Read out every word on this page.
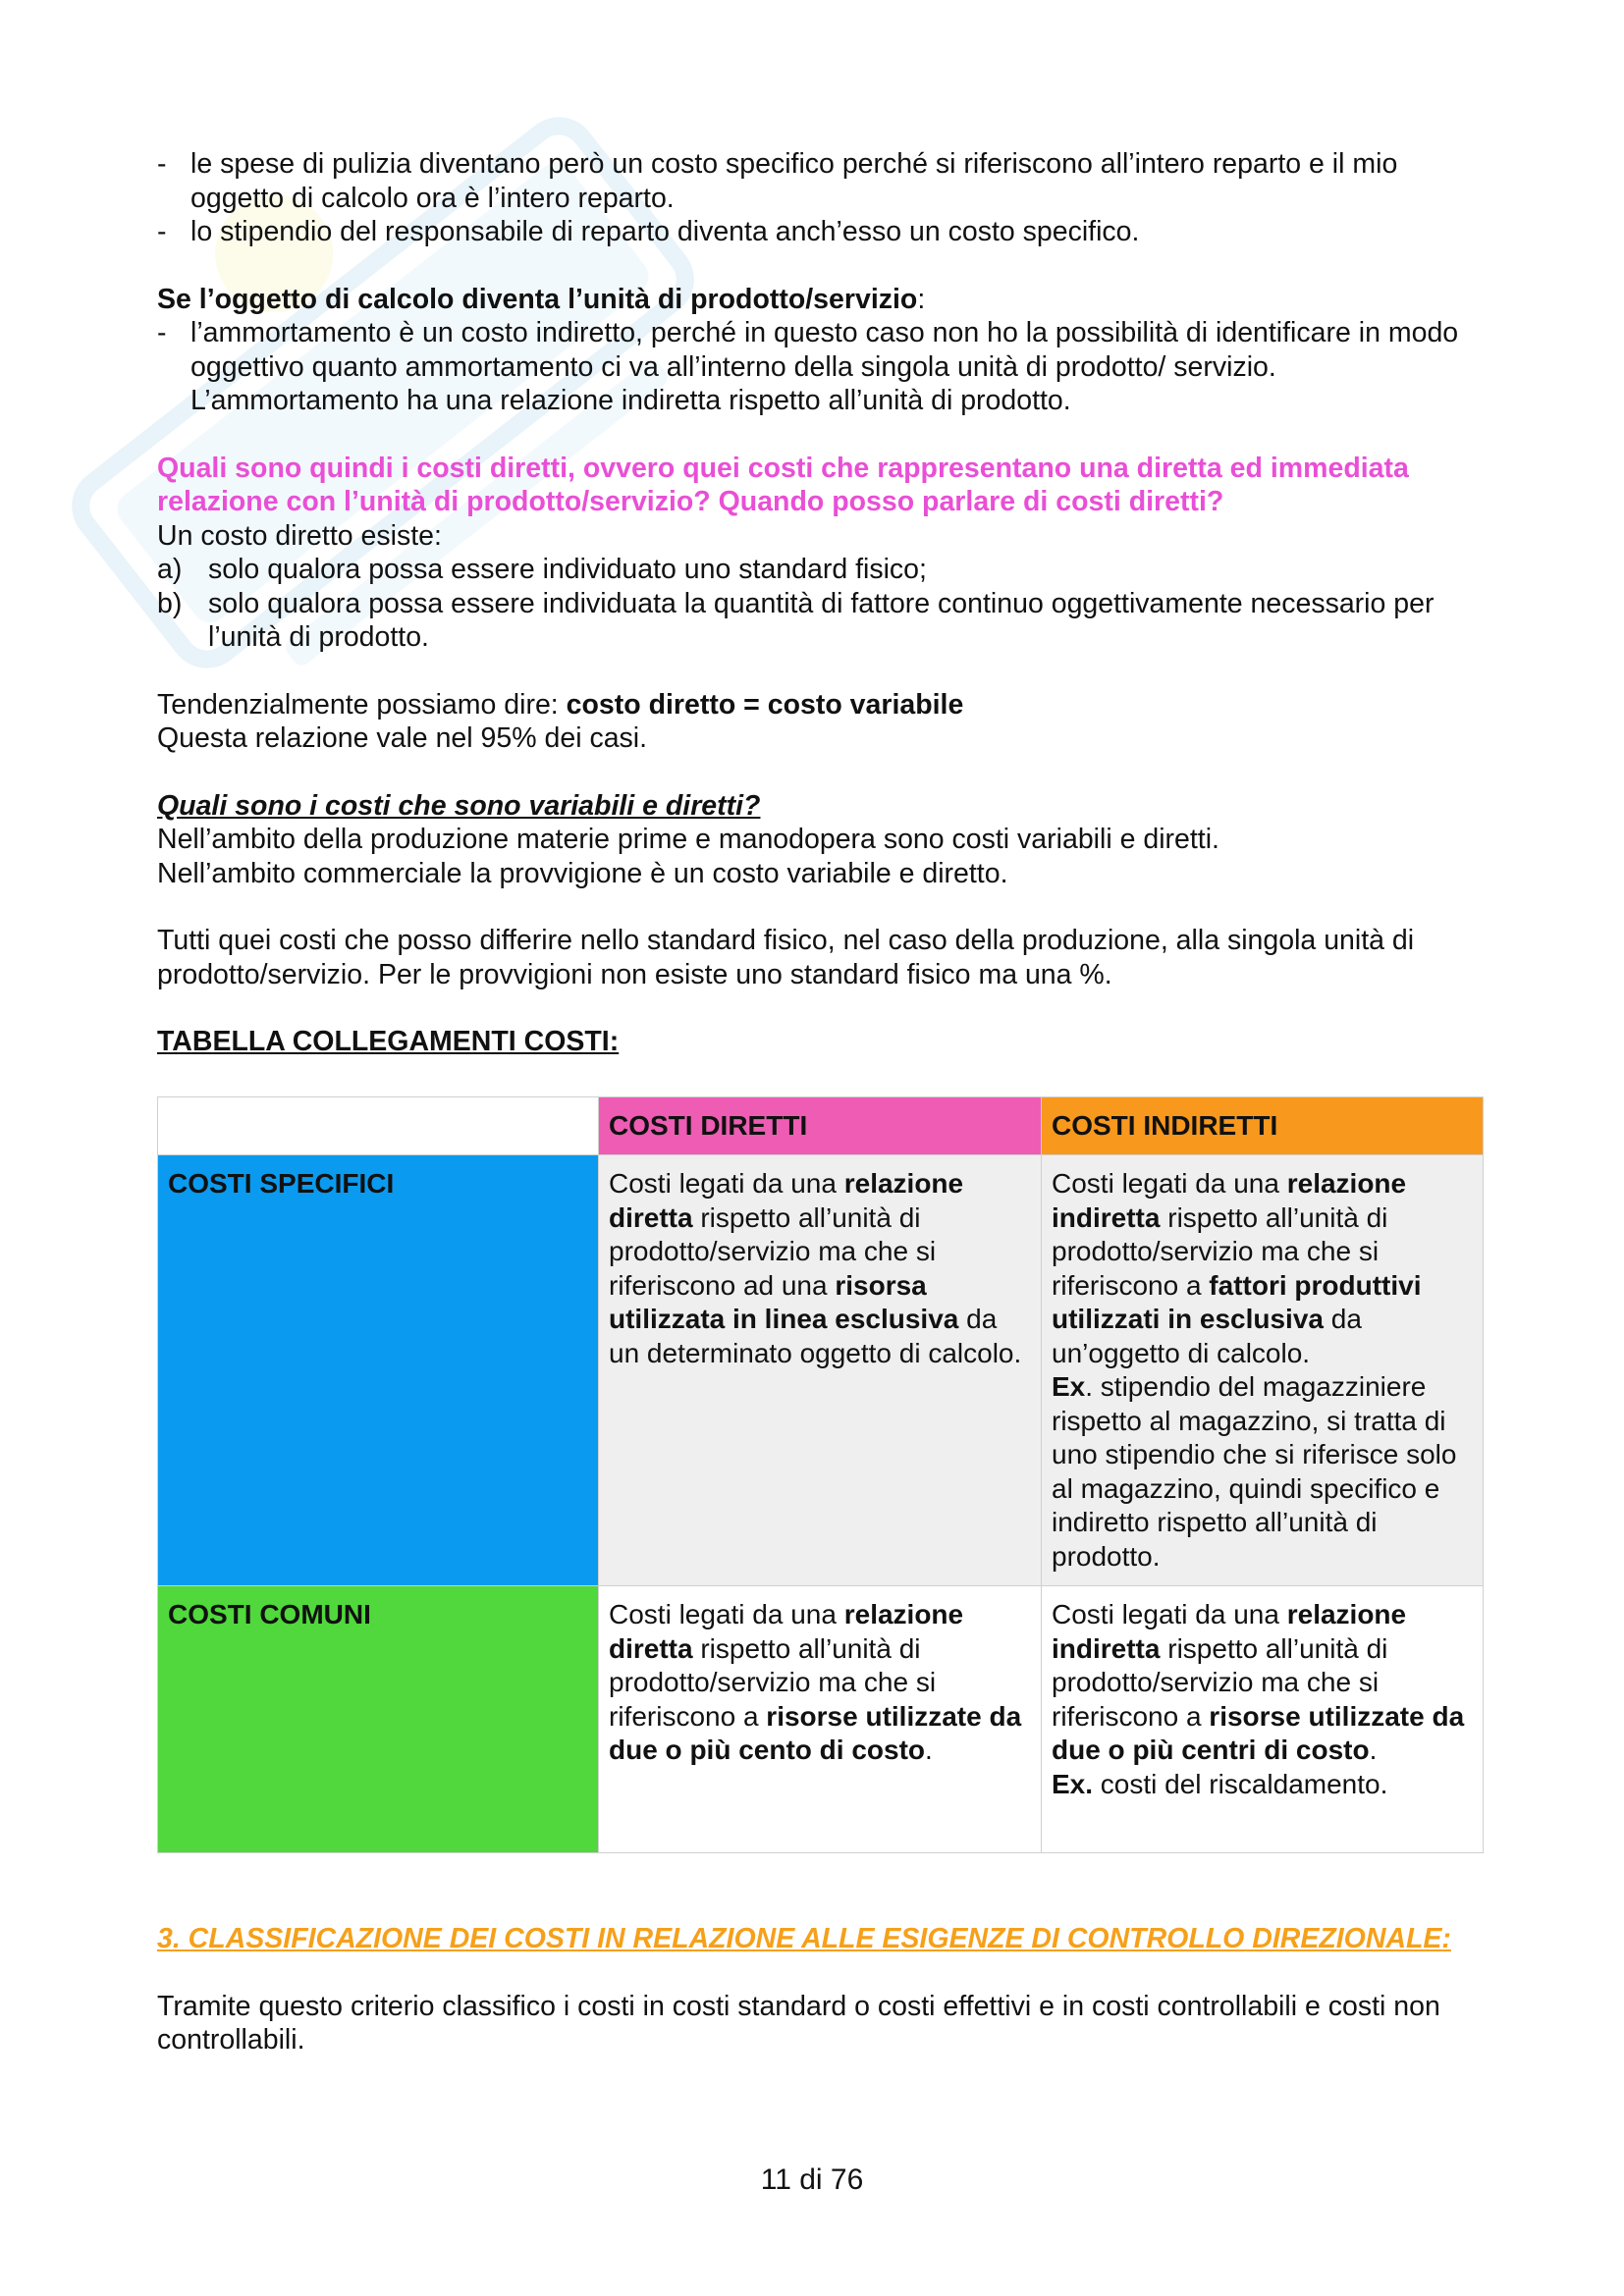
- le spese di pulizia diventano però un costo specifico perché si riferiscono all’intero reparto e il mio oggetto di calcolo ora è l’intero reparto.
- lo stipendio del responsabile di reparto diventa anch’esso un costo specifico.

Se l’oggetto di calcolo diventa l’unità di prodotto/servizio:

- l’ammortamento è un costo indiretto, perché in questo caso non ho la possibilità di identificare in modo oggettivo quanto ammortamento ci va all’interno della singola unità di prodotto/ servizio.
L’ammortamento ha una relazione indiretta rispetto all’unità di prodotto.

Quali sono quindi i costi diretti, ovvero quei costi che rappresentano una diretta ed immediata relazione con l’unità di prodotto/servizio? Quando posso parlare di costi diretti?

Un costo diretto esiste:

a) solo qualora possa essere individuato uno standard fisico;
b) solo qualora possa essere individuata la quantità di fattore continuo oggettivamente necessario per l’unità di prodotto.

Tendenzialmente possiamo dire: costo diretto = costo variabile

Questa relazione vale nel 95% dei casi.

Quali sono i costi che sono variabili e diretti?

Nell’ambito della produzione materie prime e manodopera sono costi variabili e diretti.

Nell’ambito commerciale la provvigione è un costo variabile e diretto.

Tutti quei costi che posso differire nello standard fisico, nel caso della produzione, alla singola unità di prodotto/servizio. Per le provvigioni non esiste uno standard fisico ma una %.

TABELLA COLLEGAMENTI COSTI:

	COSTI DIRETTI	COSTI INDIRETTI
COSTI SPECIFICI	Costi legati da una relazione diretta rispetto all’unità di prodotto/servizio ma che si riferiscono ad una risorsa utilizzata in linea esclusiva da un determinato oggetto di calcolo.	Costi legati da una relazione indiretta rispetto all’unità di prodotto/servizio ma che si riferiscono a fattori produttivi utilizzati in esclusiva da un’oggetto di calcolo.
Ex. stipendio del magazziniere rispetto al magazzino, si tratta di uno stipendio che si riferisce solo al magazzino, quindi specifico e indiretto rispetto all’unità di prodotto.
COSTI COMUNI	Costi legati da una relazione diretta rispetto all’unità di prodotto/servizio ma che si riferiscono a risorse utilizzate da due o più cento di costo.	Costi legati da una relazione indiretta rispetto all’unità di prodotto/servizio ma che si riferiscono a risorse utilizzate da due o più centri di costo.
Ex. costi del riscaldamento.

3. CLASSIFICAZIONE DEI COSTI IN RELAZIONE ALLE ESIGENZE DI CONTROLLO DIREZIONALE:

Tramite questo criterio classifico i costi in costi standard o costi effettivi e in costi controllabili e costi non controllabili.

11 di 76
